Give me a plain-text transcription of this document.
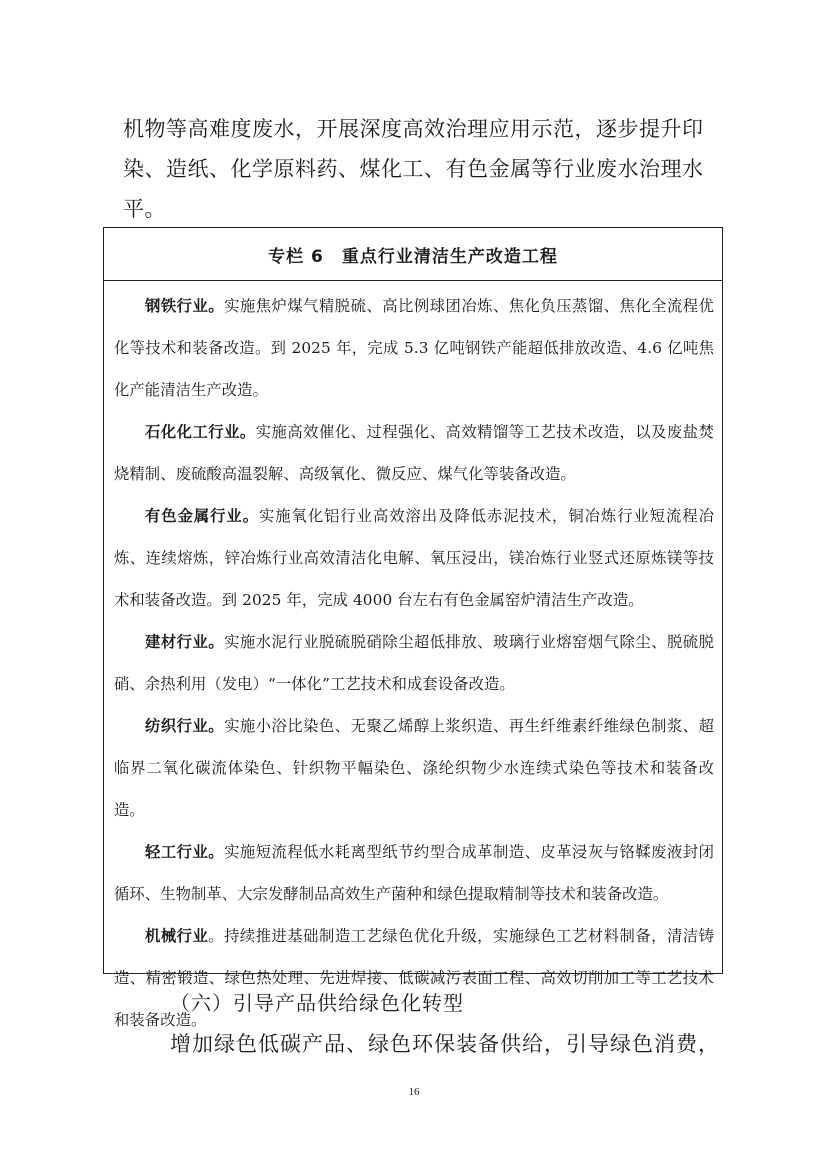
机物等高难度废水，开展深度高效治理应用示范，逐步提升印
染、造纸、化学原料药、煤化工、有色金属等行业废水治理水
平。
专栏 6 重点行业清洁生产改造工程

钢铁行业。实施焦炉煤气精脱硫、高比例球团冶炼、焦化负压蒸馏、焦化全流程优化等技术和装备改造。到 2025 年，完成 5.3 亿吨钢铁产能超低排放改造、4.6 亿吨焦化产能清洁生产改造。

石化化工行业。实施高效催化、过程强化、高效精馏等工艺技术改造，以及废盐焚烧精制、废硫酸高温裂解、高级氧化、微反应、煤气化等装备改造。

有色金属行业。实施氧化铝行业高效溶出及降低赤泥技术，铜冶炼行业短流程冶炼、连续熔炼，锌冶炼行业高效清洁化电解、氧压浸出，镁冶炼行业竖式还原炼镁等技术和装备改造。到 2025 年，完成 4000 台左右有色金属窑炉清洁生产改造。

建材行业。实施水泥行业脱硫脱硝除尘超低排放、玻璃行业熔窑烟气除尘、脱硫脱硝、余热利用（发电）“一体化”工艺技术和成套设备改造。

纺织行业。实施小浴比染色、无聚乙烯醇上浆织造、再生纤维素纤维绿色制浆、超临界二氧化碳流体染色、针织物平幅染色、涤纶织物少水连续式染色等技术和装备改造。

轻工行业。实施短流程低水耗离型纸节约型合成革制造、皮革浸灰与铬鞣废液封闭循环、生物制革、大宗发酵制品高效生产菌种和绿色提取精制等技术和装备改造。

机械行业。持续推进基础制造工艺绿色优化升级，实施绿色工艺材料制备，清洁铸造、精密锻造、绿色热处理、先进焊接、低碳减污表面工程、高效切削加工等工艺技术和装备改造。

（六）引导产品供给绿色化转型

增加绿色低碳产品、绿色环保装备供给，引导绿色消费，

16
